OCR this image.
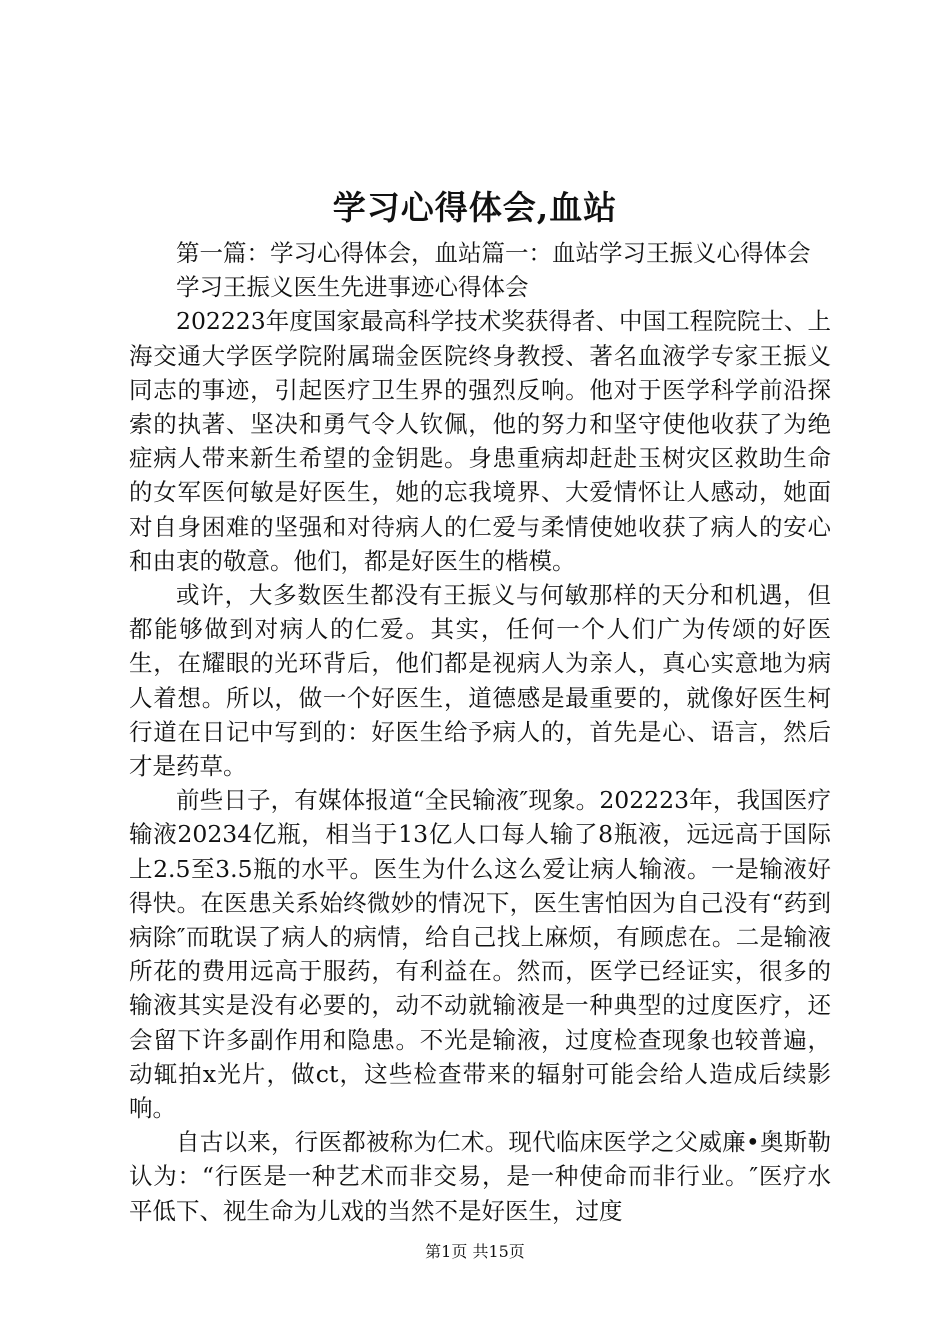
学习心得体会,血站

第一篇：学习心得体会，血站篇一：血站学习王振义心得体会

学习王振义医生先进事迹心得体会

202223年度国家最高科学技术奖获得者、中国工程院院士、上海交通大学医学院附属瑞金医院终身教授、著名血液学专家王振义同志的事迹，引起医疗卫生界的强烈反响。他对于医学科学前沿探索的执著、坚决和勇气令人钦佩，他的努力和坚守使他收获了为绝症病人带来新生希望的金钥匙。身患重病却赶赴玉树灾区救助生命的女军医何敏是好医生，她的忘我境界、大爱情怀让人感动，她面对自身困难的坚强和对待病人的仁爱与柔情使她收获了病人的安心和由衷的敬意。他们，都是好医生的楷模。

或许，大多数医生都没有王振义与何敏那样的天分和机遇，但都能够做到对病人的仁爱。其实，任何一个人们广为传颂的好医生，在耀眼的光环背后，他们都是视病人为亲人，真心实意地为病人着想。所以，做一个好医生，道德感是最重要的，就像好医生柯行道在日记中写到的：好医生给予病人的，首先是心、语言，然后才是药草。

前些日子，有媒体报道“全民输液″现象。202223年，我国医疗输液20234亿瓶，相当于13亿人口每人输了8瓶液，远远高于国际上2.5至3.5瓶的水平。医生为什么这么爱让病人输液。一是输液好得快。在医患关系始终微妙的情况下，医生害怕因为自己没有“药到病除″而耽误了病人的病情，给自己找上麻烦，有顾虑在。二是输液所花的费用远高于服药，有利益在。然而，医学已经证实，很多的输液其实是没有必要的，动不动就输液是一种典型的过度医疗，还会留下许多副作用和隐患。不光是输液，过度检查现象也较普遍，动辄拍x光片，做ct，这些检查带来的辐射可能会给人造成后续影响。

自古以来，行医都被称为仁术。现代临床医学之父威廉•奥斯勒认为：“行医是一种艺术而非交易，是一种使命而非行业。″医疗水平低下、视生命为儿戏的当然不是好医生，过度

第1页 共15页
